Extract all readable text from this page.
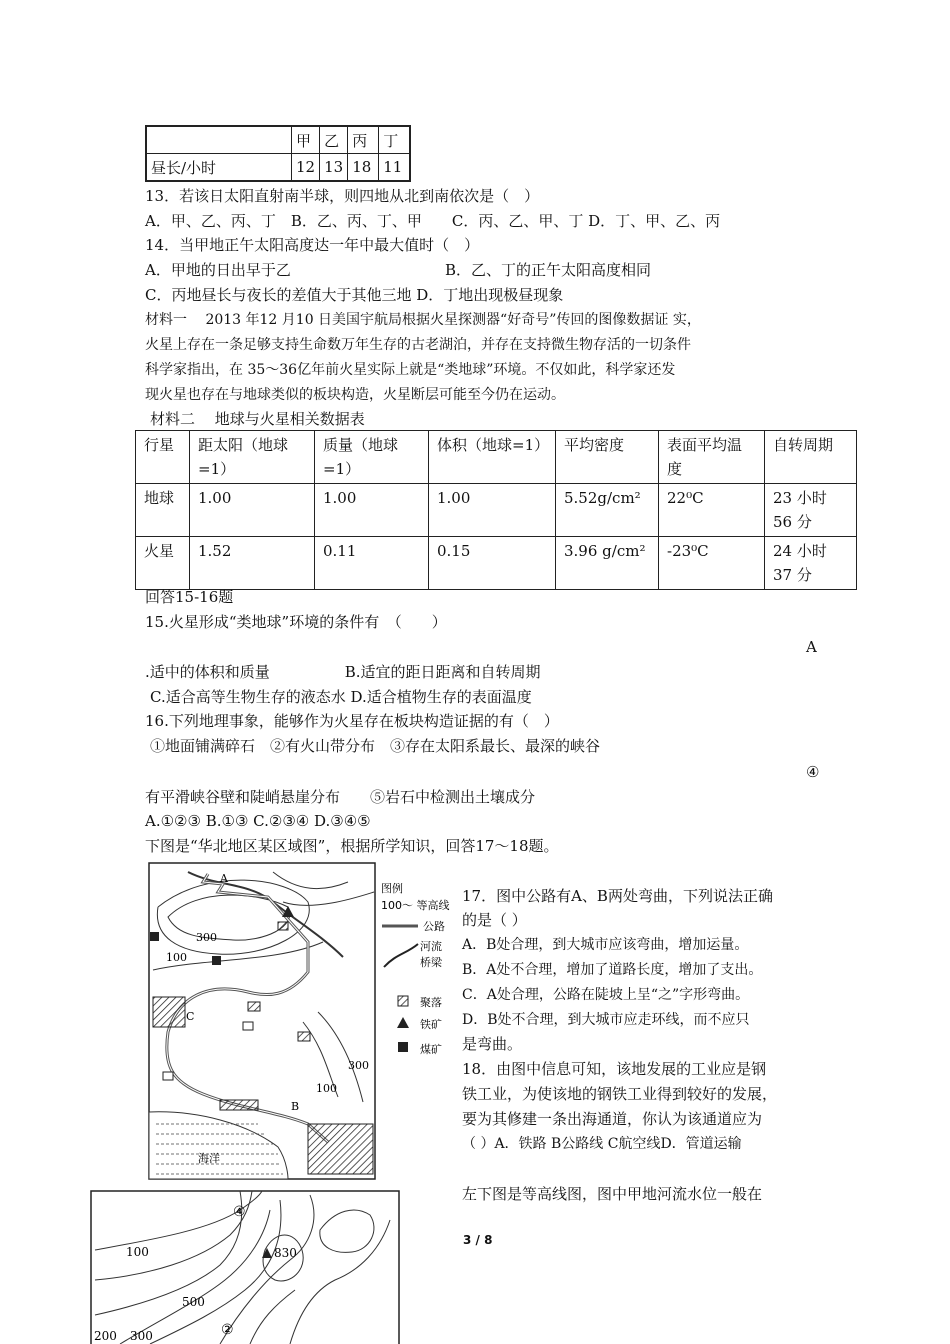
	甲	乙	丙	丁
昼长/小时	12	13	18	11
13．若该日太阳直射南半球，则四地从北到南依次是（　）
A．甲、乙、丙、丁　B．乙、丙、丁、甲　　C．丙、乙、甲、丁 D．丁、甲、乙、丙
14．当甲地正午太阳高度达一年中最大值时（　）
A．甲地的日出早于乙	B．乙、丁的正午太阳高度相同
C．丙地昼长与夜长的差值大于其他三地 D．丁地出现极昼现象
材料一　 2013 年12 月10 日美国宇航局根据火星探测器“好奇号”传回的图像数据证 实，
火星上存在一条足够支持生命数万年生存的古老湖泊，并存在支持微生物存活的一切条件
科学家指出，在 35～36亿年前火星实际上就是“类地球”环境。不仅如此，科学家还发
现火星也存在与地球类似的板块构造，火星断层可能至今仍在运动。
材料二　 地球与火星相关数据表
行星	距太阳（地球=1）	质量（地球=1）	体积（地球=1）	平均密度	表面平均温度	自转周期
地球	1.00	1.00	1.00	5.52g/cm²	22⁰C	23 小时 56 分
火星	1.52	0.11	0.15	3.96 g/cm²	-23⁰C	24 小时 37 分
回答15-16题
15.火星形成“类地球”环境的条件有　（　　）
A
.适中的体积和质量　　　　　B.适宜的距日距离和自转周期
C.适合高等生物生存的液态水 D.适合植物生存的表面温度
16.下列地理事象，能够作为火星存在板块构造证据的有（　）
①地面铺满碎石　②有火山带分布　③存在太阳系最长、最深的峡谷
④
有平滑峡谷壁和陡峭悬崖分布　　⑤岩石中检测出土壤成分
A.①②③ B.①③ C.②③④ D.③④⑤
下图是“华北地区某区域图”，根据所学知识，回答17～18题。
A
B
C
300
100
300
100
海洋
图例
100～ 等高线
公路
河流
桥梁
聚落
铁矿
煤矿
17．图中公路有A、B两处弯曲，下列说法正确
的是（ ）
A．B处合理，到大城市应该弯曲，增加运量。
B．A处不合理，增加了道路长度，增加了支出。
C．A处合理，公路在陡坡上呈“之”字形弯曲。
D．B处不合理，到大城市应走环线，而不应只
是弯曲。
18．由图中信息可知，该地发展的工业应是钢
铁工业，为使该地的钢铁工业得到较好的发展，
要为其修建一条出海通道，你认为该通道应为
（ ）A．铁路 B公路线 C航空线D．管道运输
左下图是等高线图，图中甲地河流水位一般在
830
100
500
300
200
④
②
3 / 8
